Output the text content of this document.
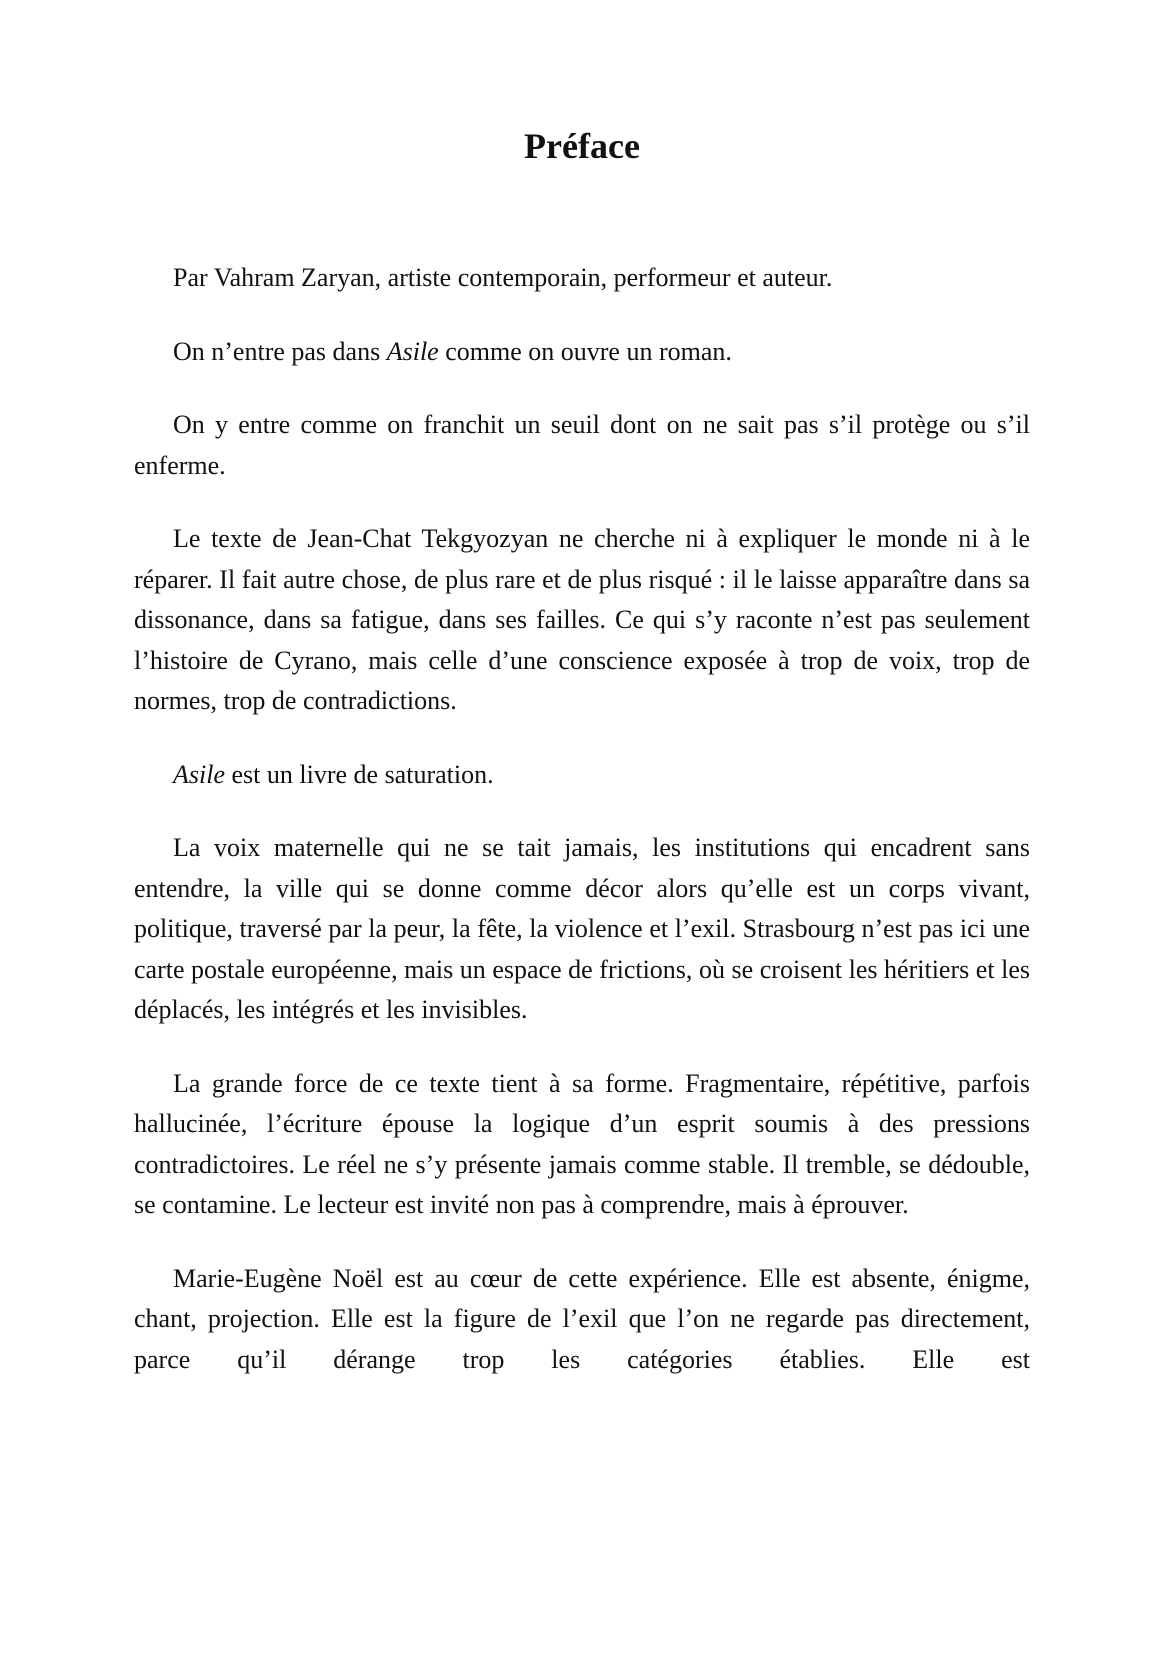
Préface

Par Vahram Zaryan, artiste contemporain, performeur et auteur.

On n’entre pas dans Asile comme on ouvre un roman.

On y entre comme on franchit un seuil dont on ne sait pas s’il protège ou s’il enferme.

Le texte de Jean-Chat Tekgyozyan ne cherche ni à expliquer le monde ni à le réparer. Il fait autre chose, de plus rare et de plus risqué : il le laisse apparaître dans sa dissonance, dans sa fatigue, dans ses failles. Ce qui s’y raconte n’est pas seulement l’histoire de Cyrano, mais celle d’une conscience exposée à trop de voix, trop de normes, trop de contradictions.

Asile est un livre de saturation.

La voix maternelle qui ne se tait jamais, les institutions qui encadrent sans entendre, la ville qui se donne comme décor alors qu’elle est un corps vivant, politique, traversé par la peur, la fête, la violence et l’exil. Strasbourg n’est pas ici une carte postale européenne, mais un espace de frictions, où se croisent les héritiers et les déplacés, les intégrés et les invisibles.

La grande force de ce texte tient à sa forme. Fragmentaire, répétitive, parfois hallucinée, l’écriture épouse la logique d’un esprit soumis à des pressions contradictoires. Le réel ne s’y présente jamais comme stable. Il tremble, se dédouble, se contamine. Le lecteur est invité non pas à comprendre, mais à éprouver.

Marie-Eugène Noël est au cœur de cette expérience. Elle est absente, énigme, chant, projection. Elle est la figure de l’exil que l’on ne regarde pas directement, parce qu’il dérange trop les catégories établies. Elle est
